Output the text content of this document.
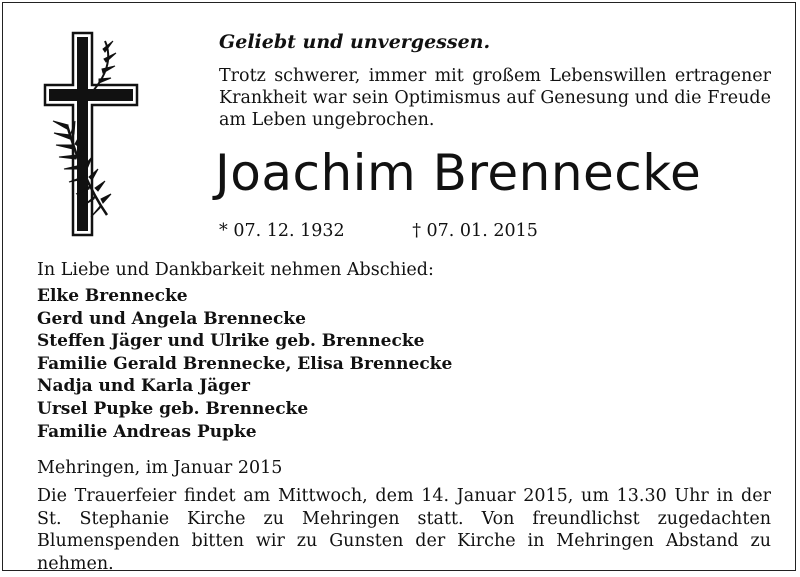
Geliebt und unvergessen.

Trotz schwerer, immer mit großem Lebenswillen ertragener Krankheit war sein Optimismus auf Genesung und die Freude am Leben ungebrochen.

Joachim Brennecke
* 07. 12. 1932	† 07. 01. 2015

In Liebe und Dankbarkeit nehmen Abschied:

Elke Brennecke
Gerd und Angela Brennecke
Steffen Jäger und Ulrike geb. Brennecke
Familie Gerald Brennecke, Elisa Brennecke
Nadja und Karla Jäger
Ursel Pupke geb. Brennecke
Familie Andreas Pupke

Mehringen, im Januar 2015

Die Trauerfeier findet am Mittwoch, dem 14. Januar 2015, um 13.30 Uhr in der St. Stephanie Kirche zu Mehringen statt. Von freundlichst zugedachten Blumenspenden bitten wir zu Gunsten der Kirche in Mehringen Abstand zu nehmen.
